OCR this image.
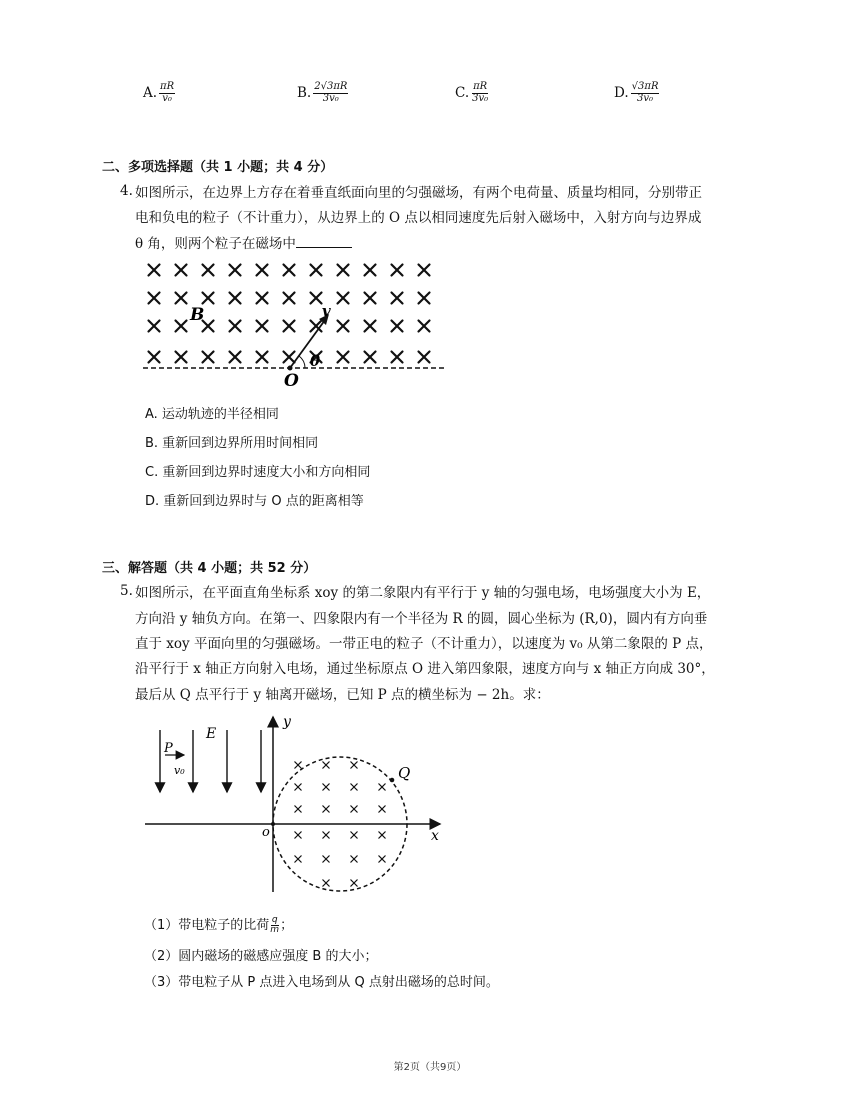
A. $\frac{\pi R}{\text{v₀}}$	B. $\frac{2√3\pi R}{\text{3v₀}}$	C. $\frac{\pi R}{\text{3v₀}}$	D. $\frac{√3\pi R}{\text{3v₀}}$
二、多项选择题（共 1 小题；共 4 分）
4. 如图所示，在边界上方存在着垂直纸面向里的匀强磁场，有两个电荷量、质量均相同，分别带正
电和负电的粒子（不计重力），从边界上的 O 点以相同速度先后射入磁场中，入射方向与边界成
θ 角，则两个粒子在磁场中
B	v
θ
O
A. 运动轨迹的半径相同
B. 重新回到边界所用时间相同
C. 重新回到边界时速度大小和方向相同
D. 重新回到边界时与 O 点的距离相等
三、解答题（共 4 小题；共 52 分）
5. 如图所示，在平面直角坐标系 xoy 的第二象限内有平行于 y 轴的匀强电场，电场强度大小为 E，
方向沿 y 轴负方向。在第一、四象限内有一个半径为 R 的圆，圆心坐标为 (R,0)，圆内有方向垂
直于 xoy 平面向里的匀强磁场。一带正电的粒子（不计重力），以速度为 v₀ 从第二象限的 P 点，
沿平行于 x 轴正方向射入电场，通过坐标原点 O 进入第四象限，速度方向与 x 轴正方向成 30°，
最后从 Q 点平行于 y 轴离开磁场，已知 P 点的横坐标为 − 2h。求：
y
E
P
v₀	Q
o	x
（1）带电粒子的比荷 $\frac{q}{m}$ ；
（2）圆内磁场的磁感应强度 B 的大小；
（3）带电粒子从 P 点进入电场到从 Q 点射出磁场的总时间。
第2页（共9页）
